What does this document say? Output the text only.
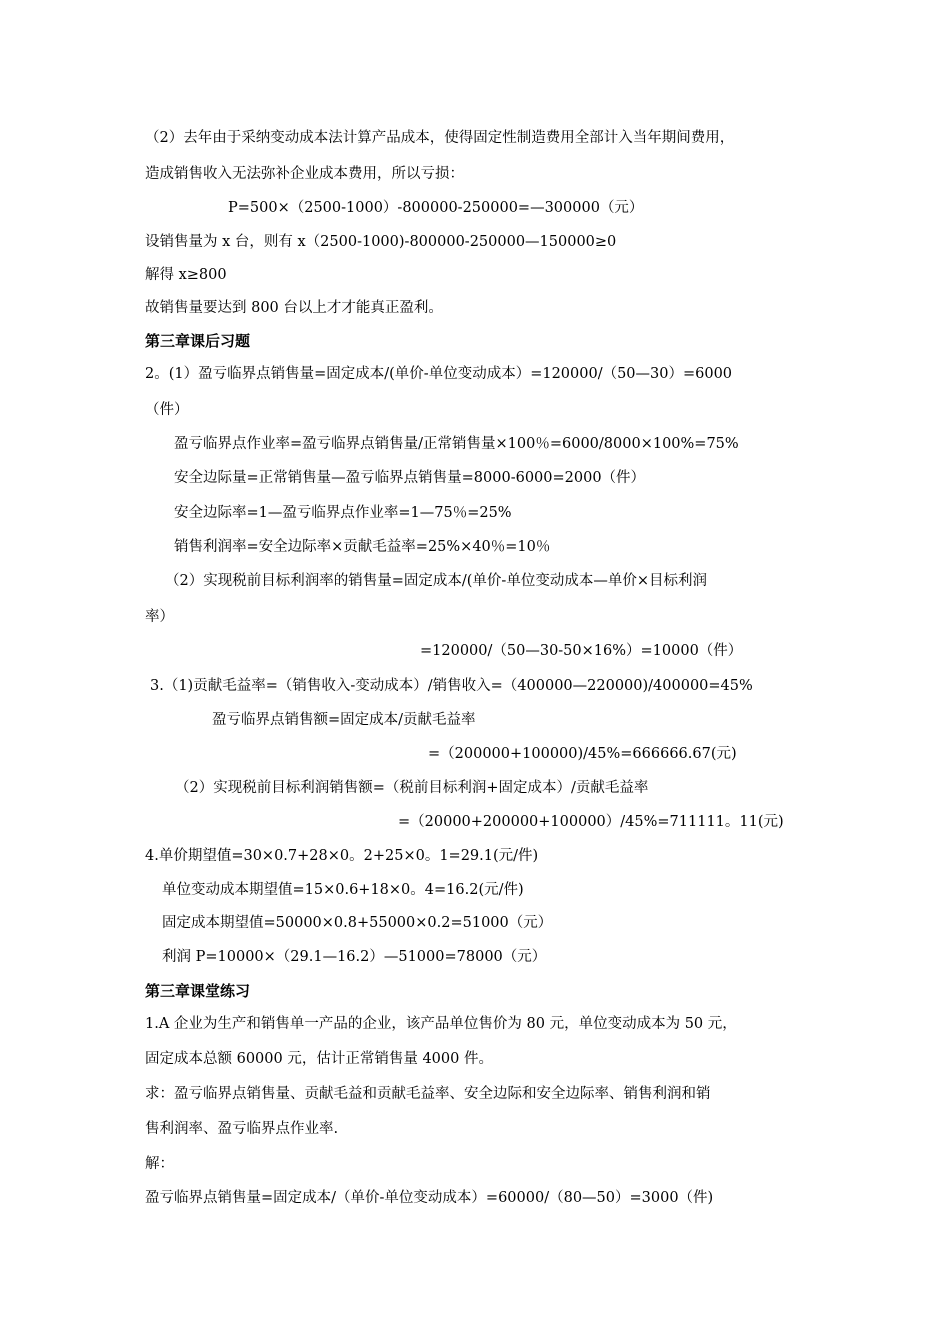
（2）去年由于采纳变动成本法计算产品成本，使得固定性制造费用全部计入当年期间费用，
造成销售收入无法弥补企业成本费用，所以亏损：
P=500×（2500-1000）-800000-250000=—300000（元）
设销售量为 x 台，则有 x（2500-1000)-800000-250000—150000≥0
解得 x≥800
故销售量要达到 800 台以上才才能真正盈利。
第三章课后习题
2。(1）盈亏临界点销售量=固定成本/(单价-单位变动成本）=120000/（50—30）=6000
（件）
盈亏临界点作业率=盈亏临界点销售量/正常销售量×100％=6000/8000×100%=75%
安全边际量=正常销售量—盈亏临界点销售量=8000-6000=2000（件）
安全边际率=1—盈亏临界点作业率=1—75％=25%
销售利润率=安全边际率×贡献毛益率=25%×40％=10％
（2）实现税前目标利润率的销售量=固定成本/(单价-单位变动成本—单价×目标利润
率）
=120000/（50—30-50×16%）=10000（件）
3.（1)贡献毛益率=（销售收入-变动成本）/销售收入=（400000—220000)/400000=45%
盈亏临界点销售额=固定成本/贡献毛益率
=（200000+100000)/45%=666666.67(元)
（2）实现税前目标利润销售额=（税前目标利润+固定成本）/贡献毛益率
=（20000+200000+100000）/45%=711111。11(元)
4.单价期望值=30×0.7+28×0。2+25×0。1=29.1(元/件)
单位变动成本期望值=15×0.6+18×0。4=16.2(元/件)
固定成本期望值=50000×0.8+55000×0.2=51000（元）
利润 P=10000×（29.1—16.2）—51000=78000（元）
第三章课堂练习
1.A 企业为生产和销售单一产品的企业，该产品单位售价为 80 元，单位变动成本为 50 元，
固定成本总额 60000 元，估计正常销售量 4000 件。
求：盈亏临界点销售量、贡献毛益和贡献毛益率、安全边际和安全边际率、销售利润和销
售利润率、盈亏临界点作业率.
解：
盈亏临界点销售量=固定成本/（单价-单位变动成本）=60000/（80—50）=3000（件)
